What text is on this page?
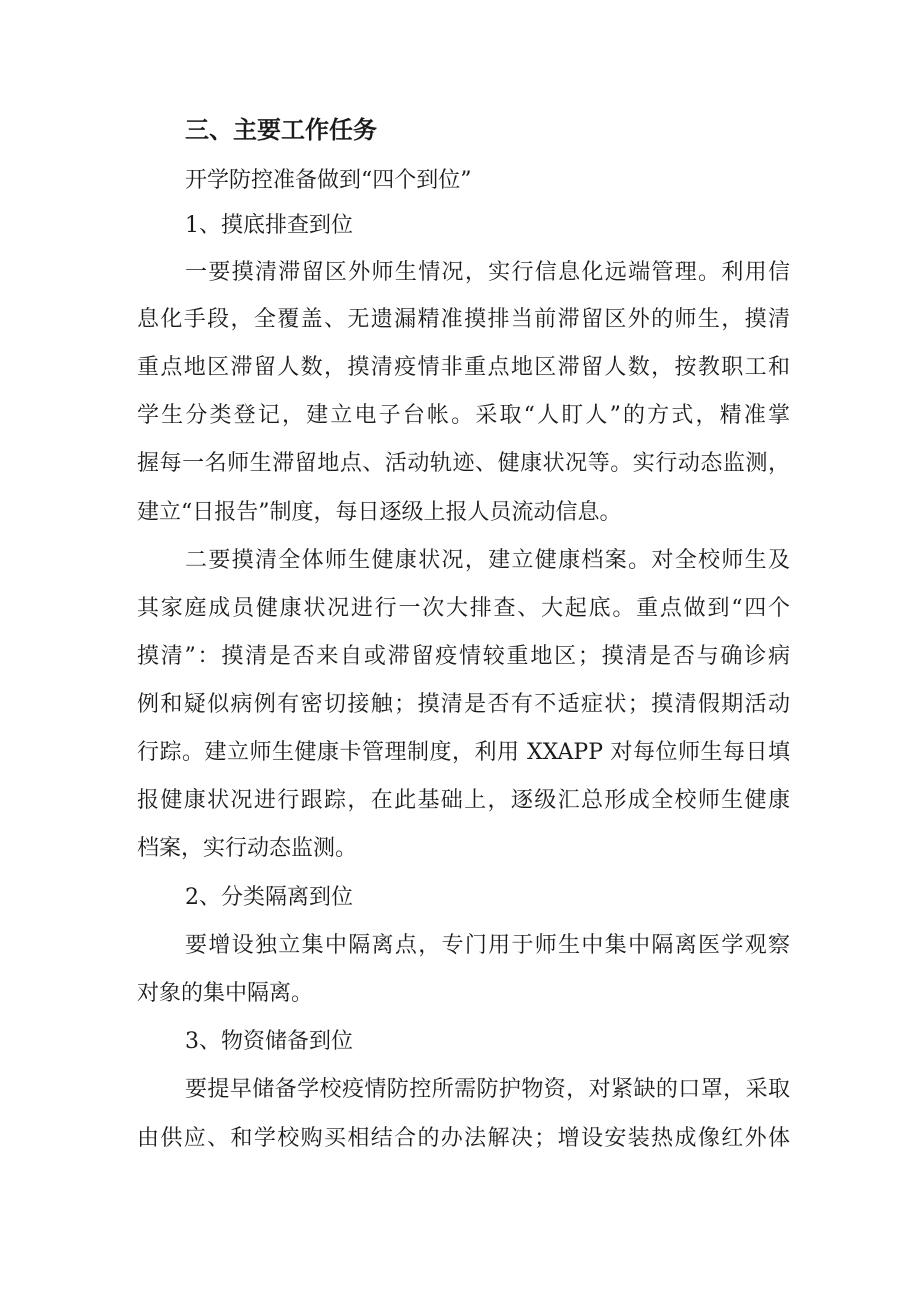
三、主要工作任务
开学防控准备做到“四个到位”
1、摸底排查到位
一要摸清滞留区外师生情况，实行信息化远端管理。利用信
息化手段，全覆盖、无遗漏精准摸排当前滞留区外的师生，摸清
重点地区滞留人数，摸清疫情非重点地区滞留人数，按教职工和
学生分类登记，建立电子台帐。采取“人盯人”的方式，精准掌
握每一名师生滞留地点、活动轨迹、健康状况等。实行动态监测，
建立“日报告”制度，每日逐级上报人员流动信息。
二要摸清全体师生健康状况，建立健康档案。对全校师生及
其家庭成员健康状况进行一次大排查、大起底。重点做到“四个
摸清”：摸清是否来自或滞留疫情较重地区；摸清是否与确诊病
例和疑似病例有密切接触；摸清是否有不适症状；摸清假期活动
行踪。建立师生健康卡管理制度，利用 XXAPP 对每位师生每日填
报健康状况进行跟踪，在此基础上，逐级汇总形成全校师生健康
档案，实行动态监测。
2、分类隔离到位
要增设独立集中隔离点，专门用于师生中集中隔离医学观察
对象的集中隔离。
3、物资储备到位
要提早储备学校疫情防控所需防护物资，对紧缺的口罩，采取
由供应、和学校购买相结合的办法解决；增设安装热成像红外体
